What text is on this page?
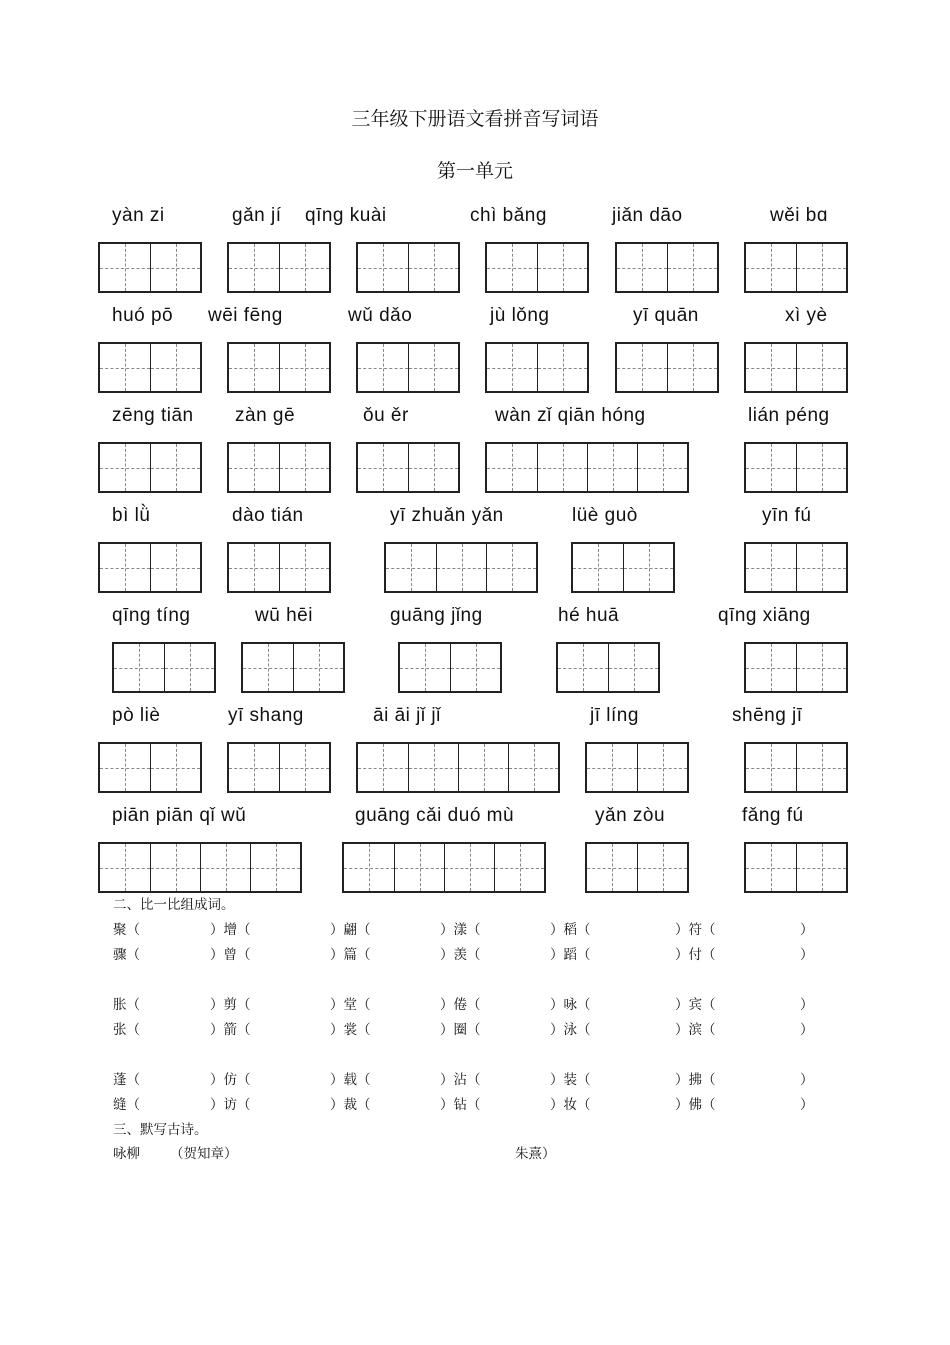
三年级下册语文看拼音写词语
第一单元
yàn zi	gǎn jí qīng kuài	chì bǎng	jiǎn dāo	wěi bɑ
huó pō wēi fēng	wǔ dǎo	jù lǒng	yī quān	xì yè
zēng tiān zàn gē	ǒu ěr	wàn zǐ qiān hóng	lián péng
bì lǜ	dào tián	yī zhuǎn yǎn	lüè guò	yīn fú
qīng tíng	wū hēi	guāng jǐng	hé huā	qīng xiāng
pò liè	yī shang	āi āi jǐ jǐ	jī líng	shēng jī
piān piān qǐ wǔ	guāng cǎi duó mù	yǎn zòu	fǎng fú
二、比一比组成词。
聚（	）增（	）翩（	）漾（	）稻（	）符（	）
骤（	）曾（	）篇（	）羡（	）蹈（	）付（	）
胀（	）剪（	）堂（	）倦（	）咏（	）宾（	）
张（	）箭（	）裳（	）圈（	）泳（	）滨（	）
蓬（	）仿（	）载（	）沾（	）装（	）拂（	）
缝（	）访（	）裁（	）钻（	）妆（	）佛（	）
三、默写古诗。
咏柳 （贺知章）	朱熹）
